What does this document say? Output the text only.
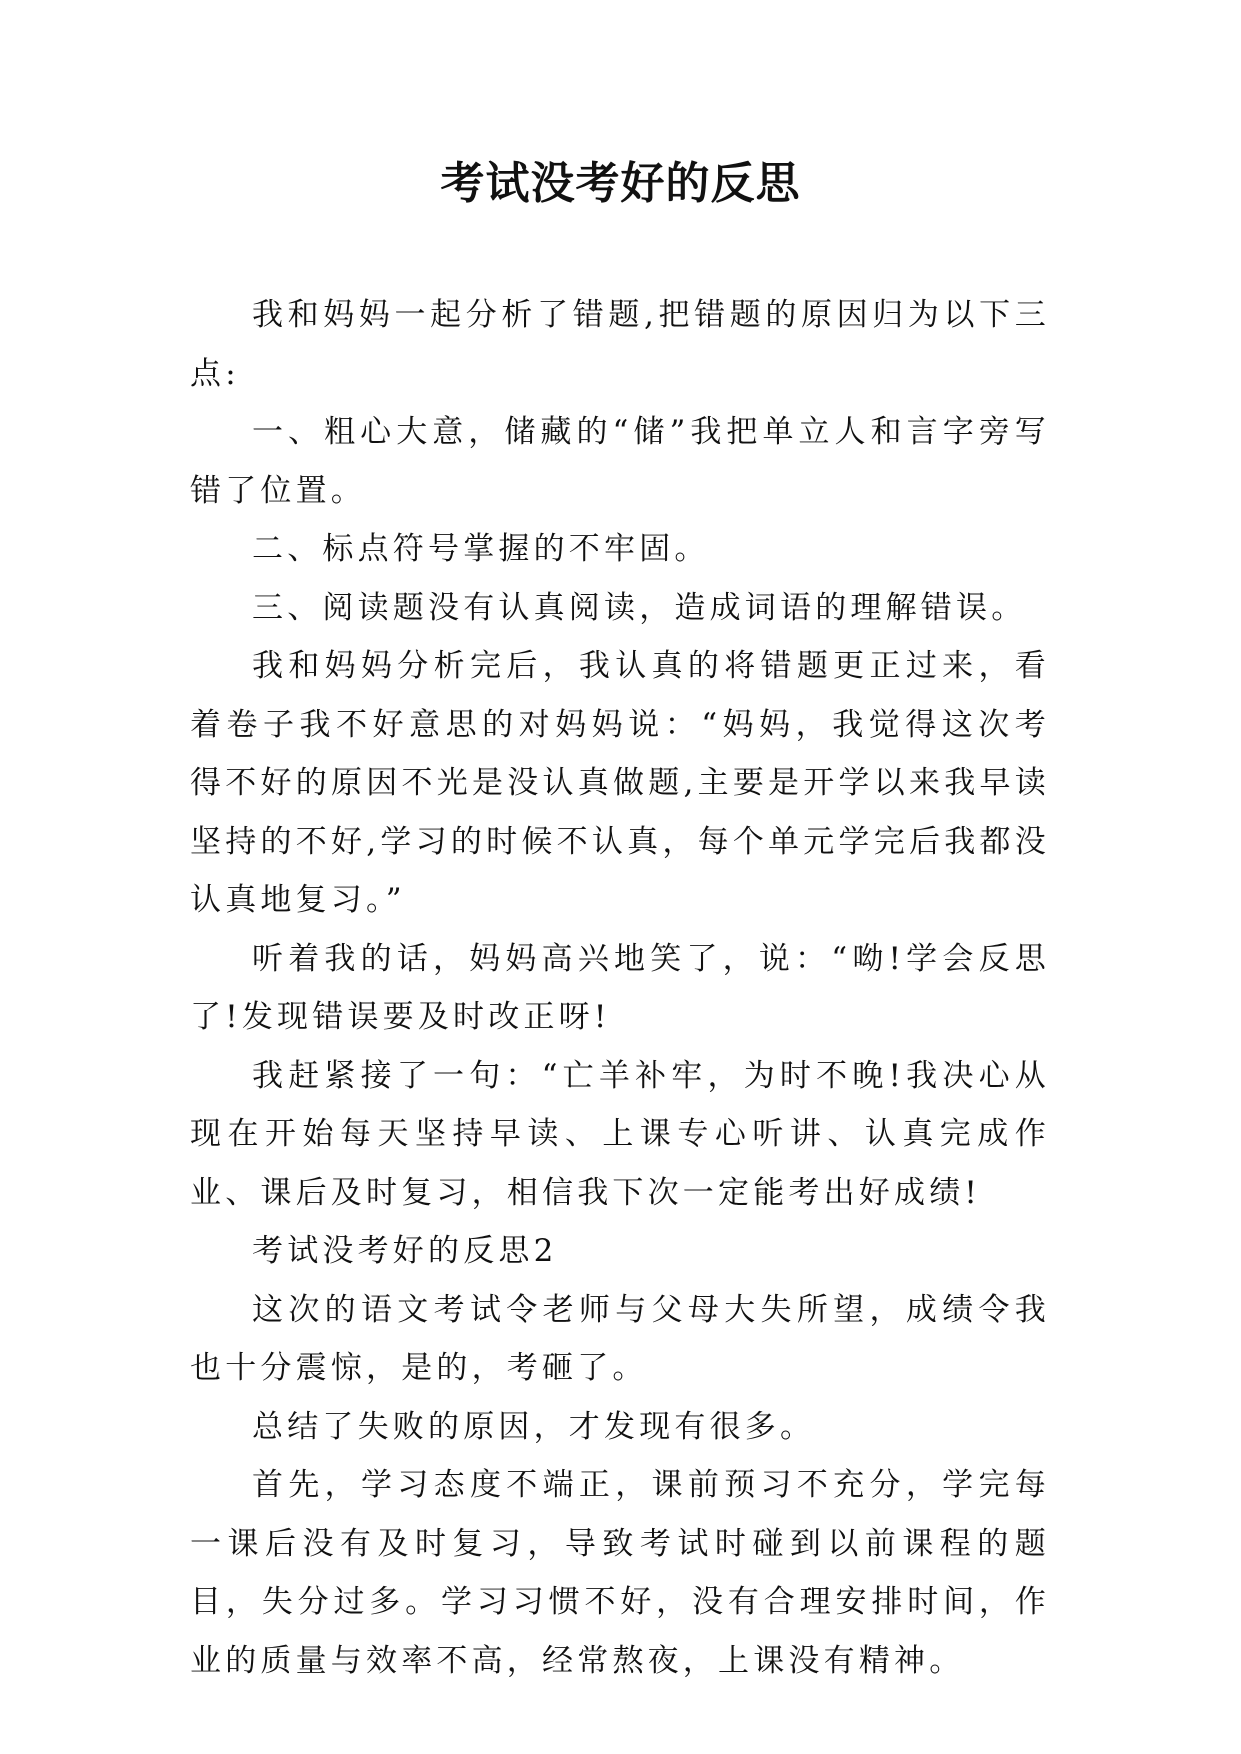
考试没考好的反思

我和妈妈一起分析了错题,把错题的原因归为以下三点:

一、粗心大意，储藏的“储”我把单立人和言字旁写错了位置。

二、标点符号掌握的不牢固。

三、阅读题没有认真阅读，造成词语的理解错误。

我和妈妈分析完后，我认真的将错题更正过来，看着卷子我不好意思的对妈妈说：“妈妈，我觉得这次考得不好的原因不光是没认真做题,主要是开学以来我早读坚持的不好,学习的时候不认真，每个单元学完后我都没认真地复习。”

听着我的话，妈妈高兴地笑了，说：“呦!学会反思了!发现错误要及时改正呀!

我赶紧接了一句：“亡羊补牢，为时不晚!我决心从现在开始每天坚持早读、上课专心听讲、认真完成作业、课后及时复习，相信我下次一定能考出好成绩!

考试没考好的反思2

这次的语文考试令老师与父母大失所望，成绩令我也十分震惊，是的，考砸了。

总结了失败的原因，才发现有很多。

首先，学习态度不端正，课前预习不充分，学完每一课后没有及时复习，导致考试时碰到以前课程的题目，失分过多。学习习惯不好，没有合理安排时间，作业的质量与效率不高，经常熬夜，上课没有精神。
